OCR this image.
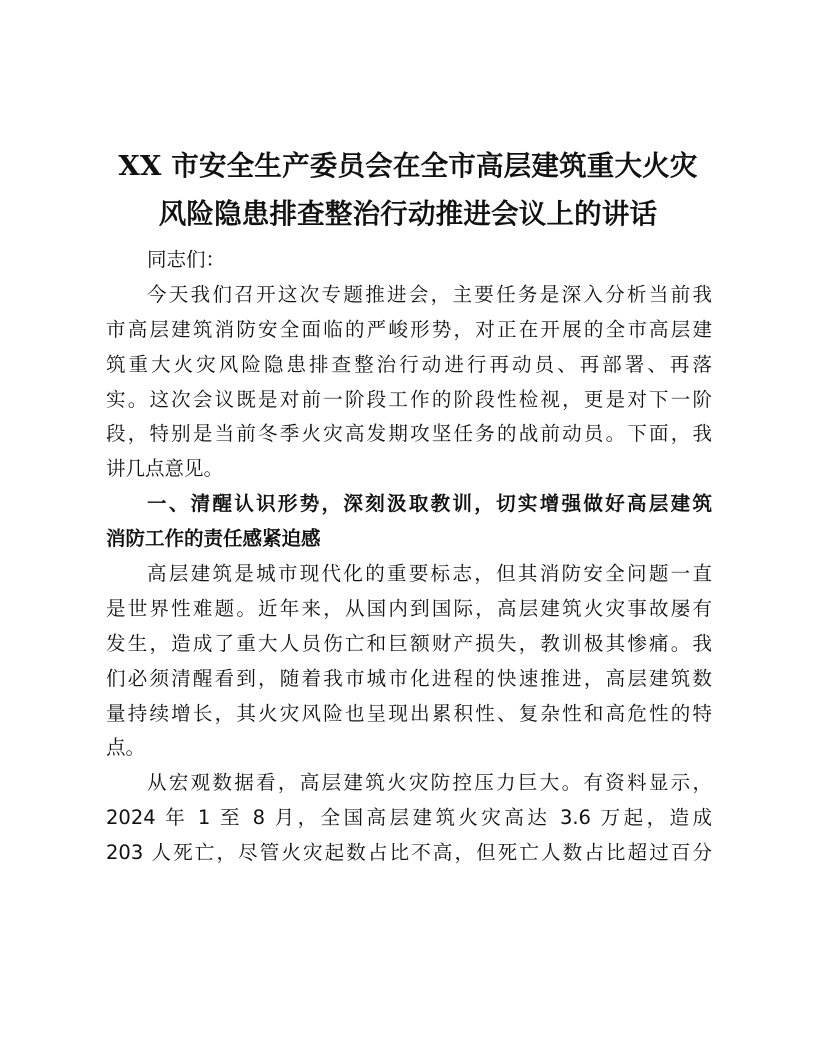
XX 市安全生产委员会在全市高层建筑重大火灾
风险隐患排查整治行动推进会议上的讲话
同志们：
今天我们召开这次专题推进会，主要任务是深入分析当前我
市高层建筑消防安全面临的严峻形势，对正在开展的全市高层建
筑重大火灾风险隐患排查整治行动进行再动员、再部署、再落
实。这次会议既是对前一阶段工作的阶段性检视，更是对下一阶
段，特别是当前冬季火灾高发期攻坚任务的战前动员。下面，我
讲几点意见。
一、清醒认识形势，深刻汲取教训，切实增强做好高层建筑
消防工作的责任感紧迫感
高层建筑是城市现代化的重要标志，但其消防安全问题一直
是世界性难题。近年来，从国内到国际，高层建筑火灾事故屡有
发生，造成了重大人员伤亡和巨额财产损失，教训极其惨痛。我
们必须清醒看到，随着我市城市化进程的快速推进，高层建筑数
量持续增长，其火灾风险也呈现出累积性、复杂性和高危性的特
点。
从宏观数据看，高层建筑火灾防控压力巨大。有资料显示，
2024 年 1 至 8 月，全国高层建筑火灾高达 3.6 万起，造成
203 人死亡，尽管火灾起数占比不高，但死亡人数占比超过百分
